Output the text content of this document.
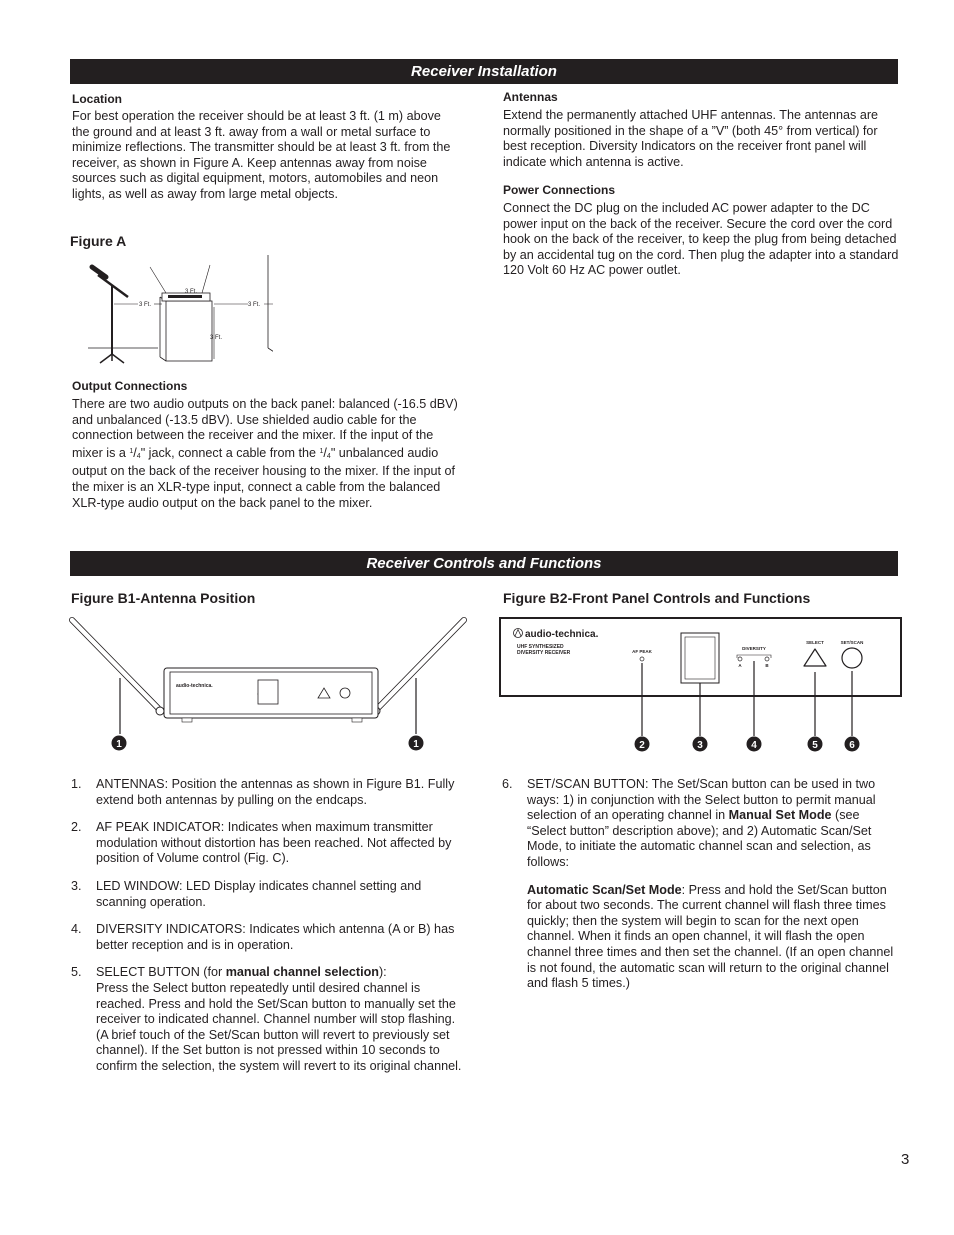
Receiver Installation
Location
For best operation the receiver should be at least 3 ft. (1 m) above the ground and at least 3 ft. away from a wall or metal surface to minimize reflections. The transmitter should be at least 3 ft. from the receiver, as shown in Figure A. Keep antennas away from noise sources such as digital equipment, motors, automobiles and neon lights, as well as away from large metal objects.
Figure A
3 Ft.
3 Ft.
3 Ft.
3 Ft.
Output Connections
There are two audio outputs on the back panel: balanced (-16.5 dBV) and unbalanced (-13.5 dBV). Use shielded audio cable for the connection between the receiver and the mixer. If the input of the mixer is a $^1/_4$" jack, connect a cable from the $^1/_4$" unbalanced audio output on the back of the receiver housing to the mixer. If the input of the mixer is an XLR-type input, connect a cable from the balanced XLR-type audio output on the back panel to the mixer.
Antennas
Extend the permanently attached UHF antennas. The antennas are normally positioned in the shape of a ”V” (both 45° from vertical) for best reception. Diversity Indicators on the receiver front panel will indicate which antenna is active.
Power Connections
Connect the DC plug on the included AC power adapter to the DC power input on the back of the receiver. Secure the cord over the cord hook on the back of the receiver, to keep the plug from being detached by an accidental tug on the cord. Then plug the adapter into a standard 120 Volt 60 Hz AC power outlet.
Receiver Controls and Functions
Figure B1-Antenna Position	Figure B2-Front Panel Controls and Functions
audio-technica.
1	1
audio-technica.
UHF SYNTHESIZED
DIVERSITY RECEIVER	AF PEAK
DIVERSITY
A	B
SELECT	SET/SCAN
2	3	4	5	6
1.	ANTENNAS: Position the antennas as shown in Figure B1. Fully extend both antennas by pulling on the endcaps.
2.	AF PEAK INDICATOR: Indicates when maximum transmitter modulation without distortion has been reached. Not affected by position of Volume control (Fig. C).
3.	LED WINDOW: LED Display indicates channel setting and scanning operation.
4.	DIVERSITY INDICATORS: Indicates which antenna (A or B) has better reception and is in operation.
5.	SELECT BUTTON (for manual channel selection):
Press the Select button repeatedly until desired channel is reached. Press and hold the Set/Scan button to manually set the receiver to indicated channel. Channel number will stop flashing. (A brief touch of the Set/Scan button will revert to previously set channel). If the Set button is not pressed within 10 seconds to confirm the selection, the system will revert to its original channel.
6.	SET/SCAN BUTTON: The Set/Scan button can be used in two ways: 1) in conjunction with the Select button to permit manual selection of an operating channel in Manual Set Mode (see “Select button” description above); and 2) Automatic Scan/Set Mode, to initiate the automatic channel scan and selection, as follows:
Automatic Scan/Set Mode: Press and hold the Set/Scan button for about two seconds. The current channel will flash three times quickly; then the system will begin to scan for the next open channel. When it finds an open channel, it will flash the open channel three times and then set the channel. (If an open channel is not found, the automatic scan will return to the original channel and flash 5 times.)
3
